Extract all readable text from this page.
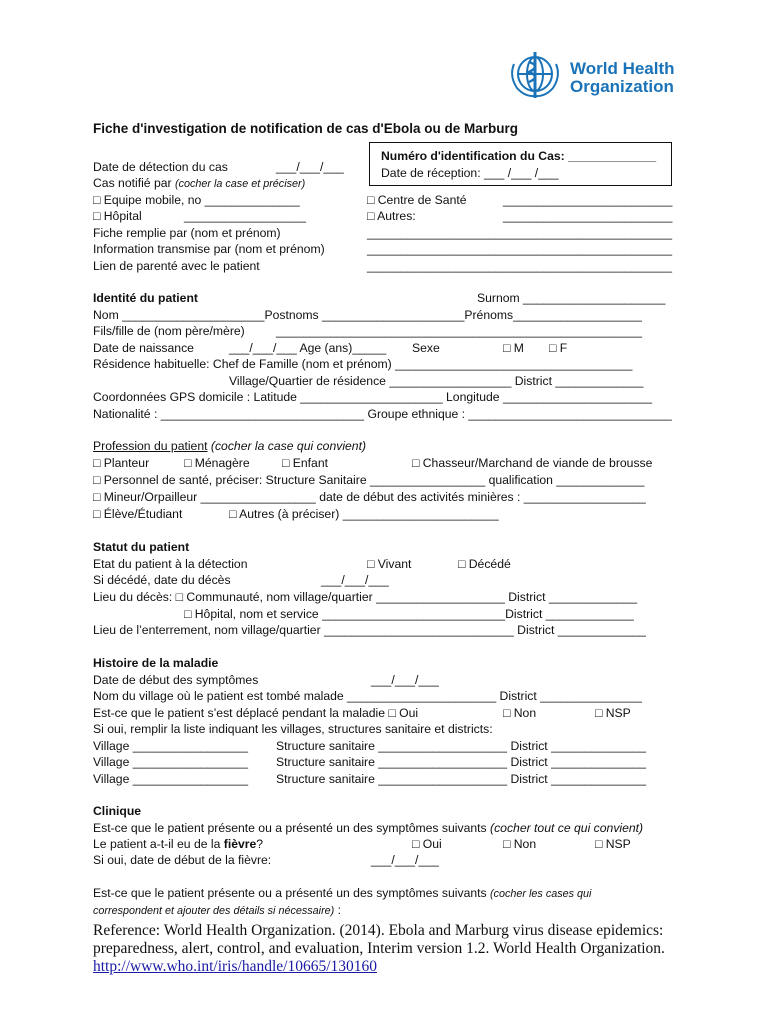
World Health
Organization
Fiche d'investigation de notification de cas d'Ebola ou de Marburg
Numéro d'identification du Cas: _____________
Date de réception: ___ /___ /___
Date de détection du cas	___/___/___
Cas notifié par (cocher la case et préciser)
□ Equipe mobile, no ______________
□ Hôpital	__________________
□ Centre de Santé	_________________________
□ Autres:	_________________________
Fiche remplie par (nom et prénom)	_____________________________________________
Information transmise par (nom et prénom)	_____________________________________________
Lien de parenté avec le patient	_____________________________________________
Identité du patient	Surnom _____________________
Nom _____________________Postnoms _____________________Prénoms___________________
Fils/fille de (nom père/mère)	______________________________________________________
Date de naissance	___/___/___ Age (ans)_____ Sexe	□ M □ F
Résidence habituelle: Chef de Famille (nom et prénom) ___________________________________
Village/Quartier de résidence __________________ District _____________
Coordonnées GPS domicile : Latitude _____________________ Longitude ______________________
Nationalité : ______________________________ Groupe ethnique : ______________________________
Profession du patient (cocher la case qui convient)
□ Planteur	□ Ménagère	□ Enfant	□ Chasseur/Marchand de viande de brousse
□ Personnel de santé, préciser: Structure Sanitaire _________________ qualification _____________
□ Mineur/Orpailleur _________________ date de début des activités minières : __________________
□ Élève/Étudiant	□ Autres (à préciser) _______________________
Statut du patient
Etat du patient à la détection	□ Vivant	□ Décédé
Si décédé, date du décès	___/___/___
Lieu du décès: □ Communauté, nom village/quartier ___________________ District _____________
□ Hôpital, nom et service ___________________________District _____________
Lieu de l’enterrement, nom village/quartier ____________________________ District _____________
Histoire de la maladie
Date de début des symptômes	___/___/___
Nom du village où le patient est tombé malade ______________________ District _______________
Est-ce que le patient s’est déplacé pendant la maladie □ Oui	□ Non	□ NSP
Si oui, remplir la liste indiquant les villages, structures sanitaire et districts:
Village _________________ Structure sanitaire ___________________ District ______________
Village _________________ Structure sanitaire ___________________ District ______________
Village _________________ Structure sanitaire ___________________ District ______________
Clinique
Est-ce que le patient présente ou a présenté un des symptômes suivants (cocher tout ce qui convient)
Le patient a-t-il eu de la fièvre?	□ Oui	□ Non	□ NSP
Si oui, date de début de la fièvre:	___/___/___
Est-ce que le patient présente ou a présenté un des symptômes suivants (cocher les cases qui
correspondent et ajouter des détails si nécessaire) :
Reference: World Health Organization. (2014). Ebola and Marburg virus disease epidemics:
preparedness, alert, control, and evaluation, Interim version 1.2. World Health Organization.
http://www.who.int/iris/handle/10665/130160
